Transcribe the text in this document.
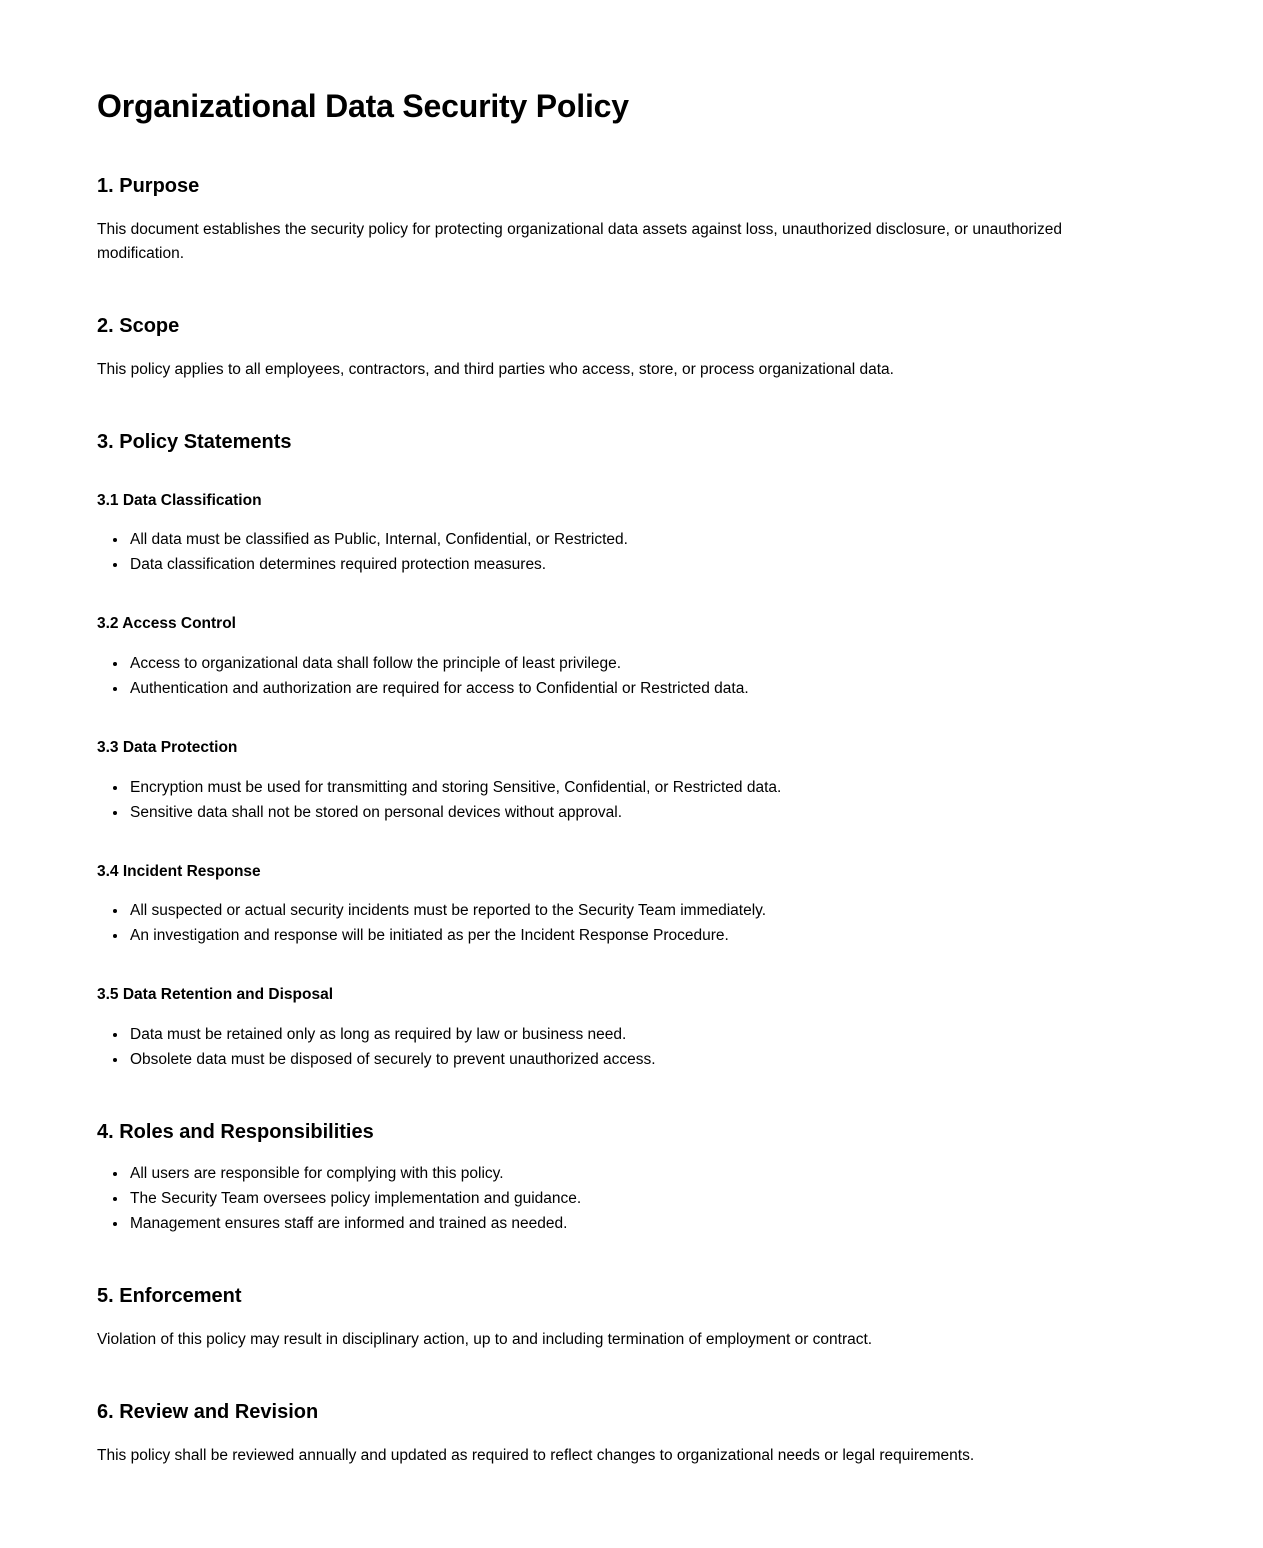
Organizational Data Security Policy
1. Purpose

This document establishes the security policy for protecting organizational data assets against loss, unauthorized disclosure, or unauthorized modification.

2. Scope

This policy applies to all employees, contractors, and third parties who access, store, or process organizational data.

3. Policy Statements
3.1 Data Classification
• All data must be classified as Public, Internal, Confidential, or Restricted.
• Data classification determines required protection measures.
3.2 Access Control
• Access to organizational data shall follow the principle of least privilege.
• Authentication and authorization are required for access to Confidential or Restricted data.
3.3 Data Protection
• Encryption must be used for transmitting and storing Sensitive, Confidential, or Restricted data.
• Sensitive data shall not be stored on personal devices without approval.
3.4 Incident Response
• All suspected or actual security incidents must be reported to the Security Team immediately.
• An investigation and response will be initiated as per the Incident Response Procedure.
3.5 Data Retention and Disposal
• Data must be retained only as long as required by law or business need.
• Obsolete data must be disposed of securely to prevent unauthorized access.
4. Roles and Responsibilities
• All users are responsible for complying with this policy.
• The Security Team oversees policy implementation and guidance.
• Management ensures staff are informed and trained as needed.
5. Enforcement

Violation of this policy may result in disciplinary action, up to and including termination of employment or contract.

6. Review and Revision

This policy shall be reviewed annually and updated as required to reflect changes to organizational needs or legal requirements.
